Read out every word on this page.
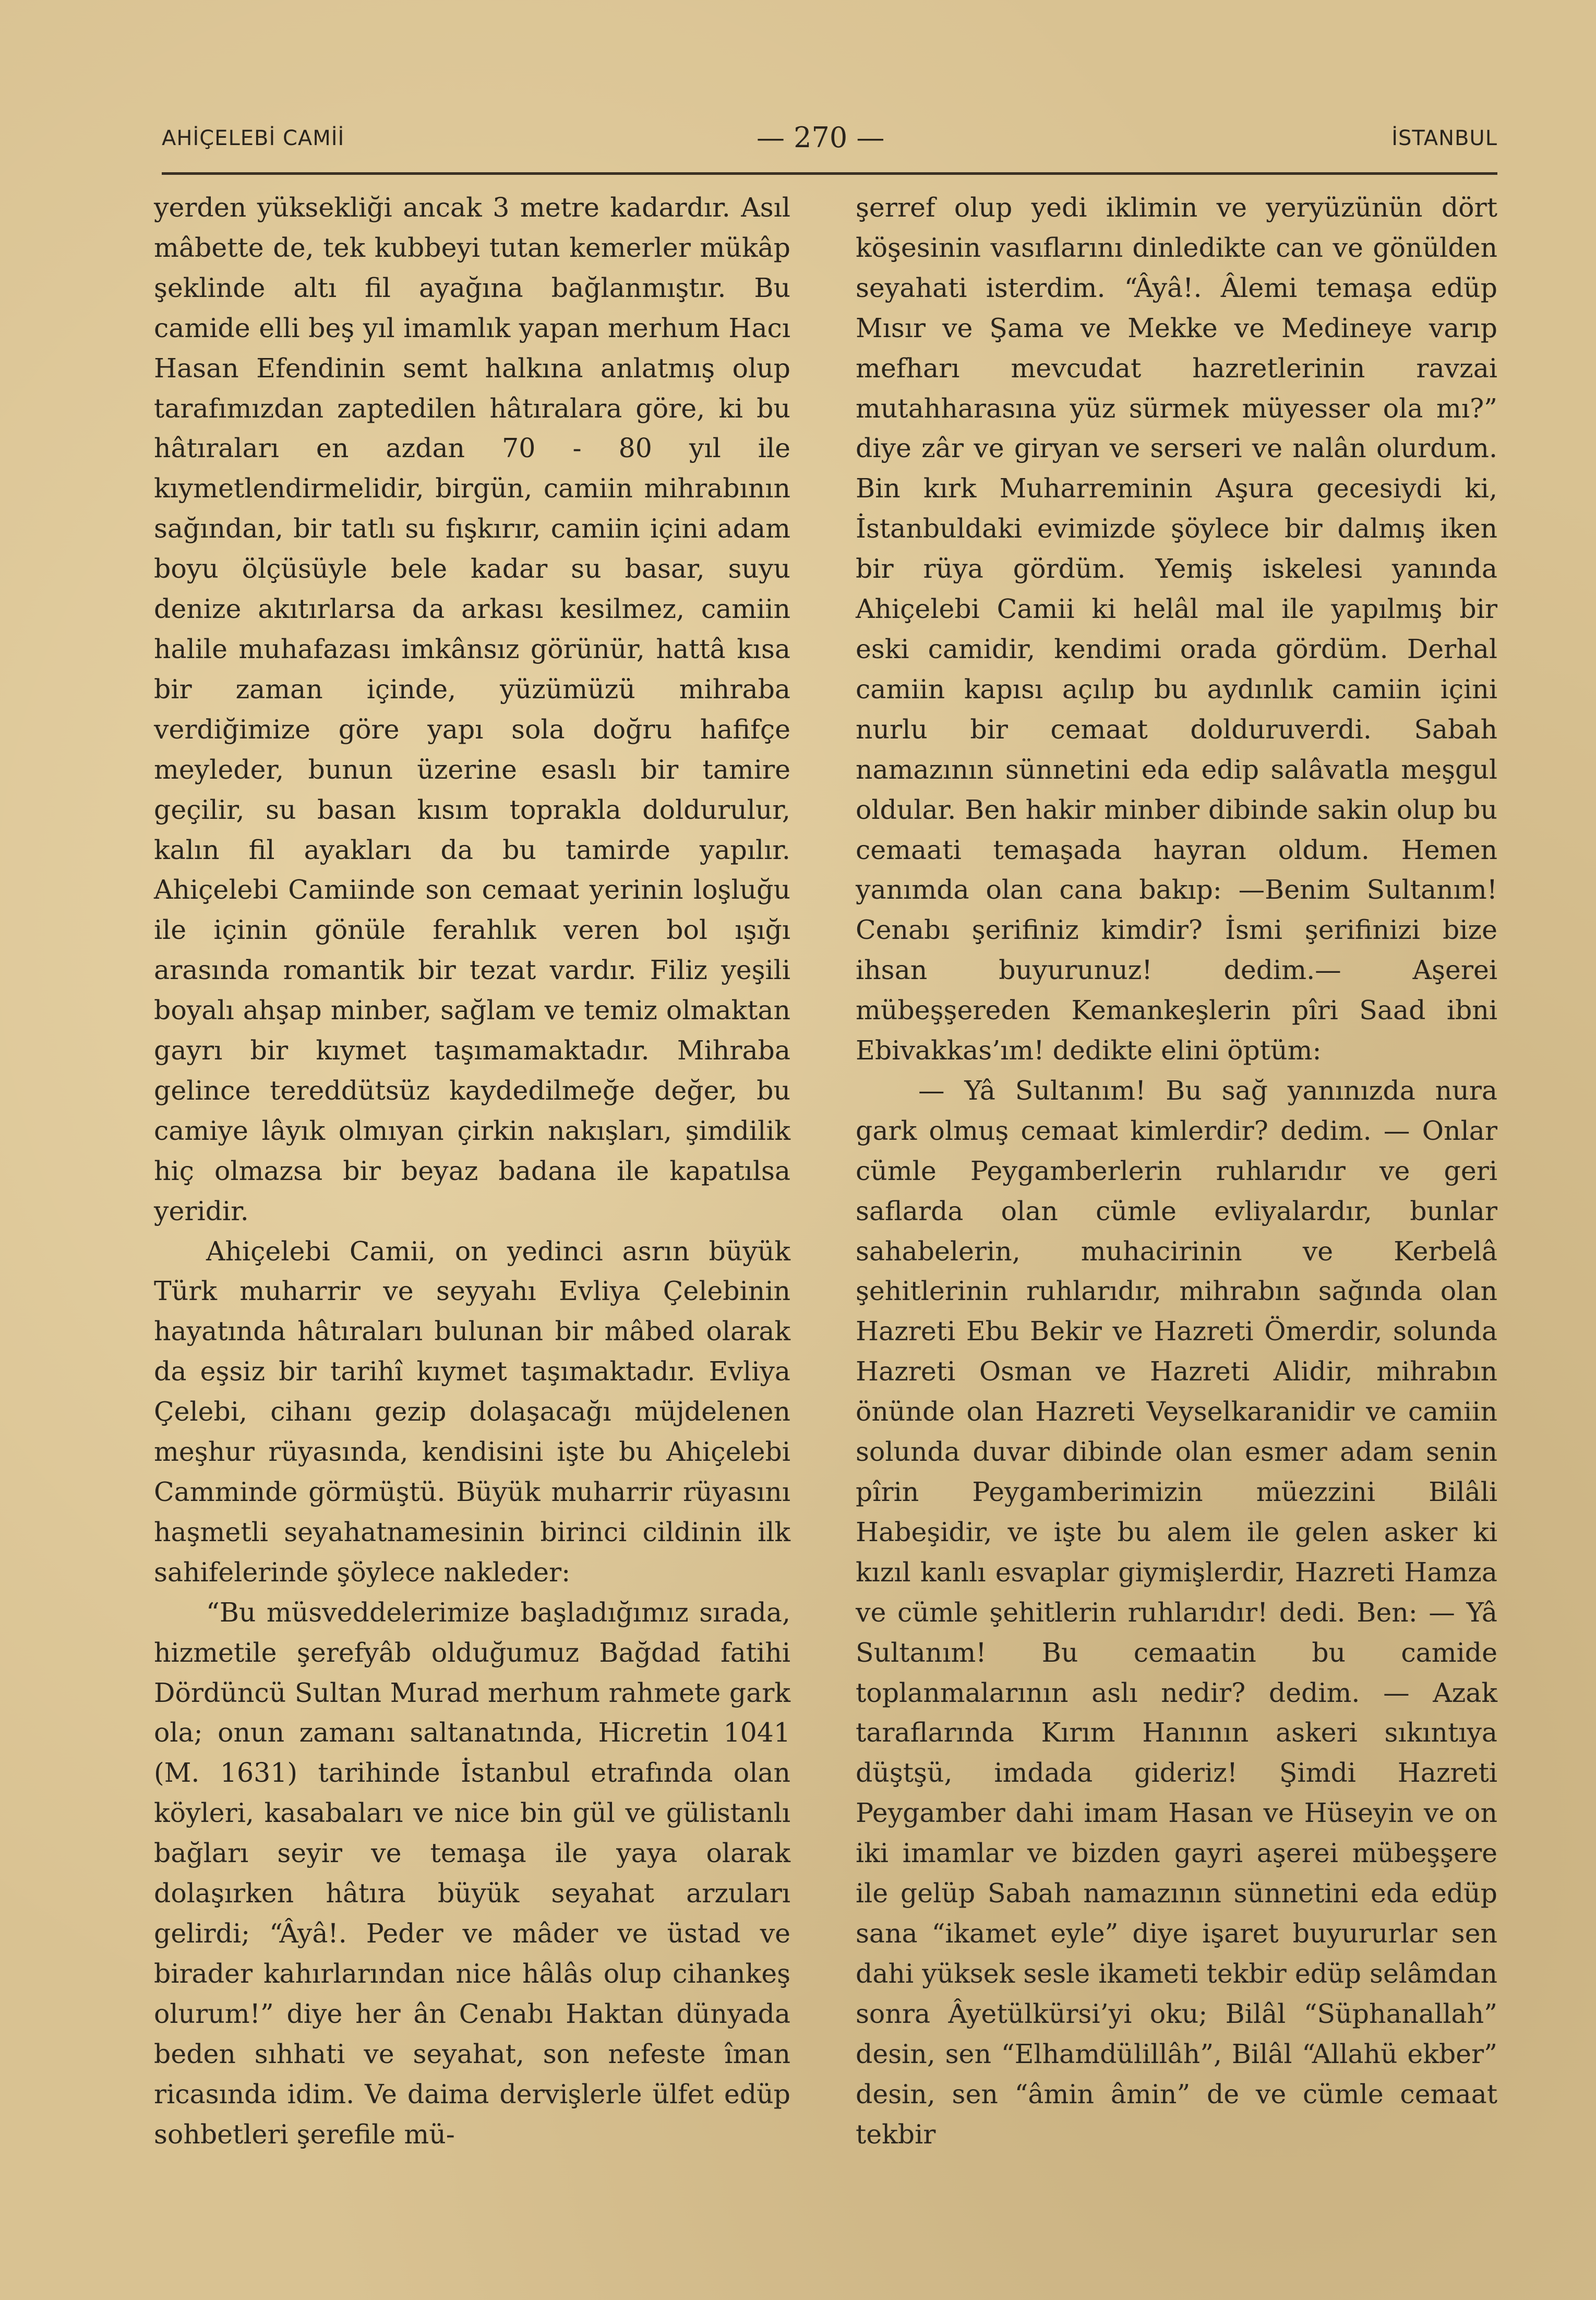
AHİÇELEBİ CAMİİ	— 270 —	İSTANBUL

yerden yüksekliği ancak 3 metre kadardır. Asıl mâbette de, tek kubbeyi tutan kemerler mükâp şeklinde altı fil ayağına bağlanmıştır. Bu camide elli beş yıl imamlık yapan merhum Hacı Hasan Efendinin semt halkına anlatmış olup tarafımızdan zaptedilen hâtıralara göre, ki bu hâtıraları en azdan 70 - 80 yıl ile kıymetlendirmelidir, birgün, camiin mihrabının sağından, bir tatlı su fışkırır, camiin içini adam boyu ölçüsüyle bele kadar su basar, suyu denize akıtırlarsa da arkası kesilmez, camiin halile muhafazası imkânsız görünür, hattâ kısa bir zaman içinde, yüzümüzü mihraba verdiğimize göre yapı sola doğru hafifçe meyleder, bunun üzerine esaslı bir tamire geçilir, su basan kısım toprakla doldurulur, kalın fil ayakları da bu tamirde yapılır. Ahiçelebi Camiinde son cemaat yerinin loşluğu ile içinin gönüle ferahlık veren bol ışığı arasında romantik bir tezat vardır. Filiz yeşili boyalı ahşap minber, sağlam ve temiz olmaktan gayrı bir kıymet taşımamaktadır. Mihraba gelince tereddütsüz kaydedilmeğe değer, bu camiye lâyık olmıyan çirkin nakışları, şimdilik hiç olmazsa bir beyaz badana ile kapatılsa yeridir.

Ahiçelebi Camii, on yedinci asrın büyük Türk muharrir ve seyyahı Evliya Çelebinin hayatında hâtıraları bulunan bir mâbed olarak da eşsiz bir tarihî kıymet taşımaktadır. Evliya Çelebi, cihanı gezip dolaşacağı müjdelenen meşhur rüyasında, kendisini işte bu Ahiçelebi Camminde görmüştü. Büyük muharrir rüyasını haşmetli seyahatnamesinin birinci cildinin ilk sahifelerinde şöylece nakleder:

“Bu müsveddelerimize başladığımız sırada, hizmetile şerefyâb olduğumuz Bağdad fatihi Dördüncü Sultan Murad merhum rahmete gark ola; onun zamanı saltanatında, Hicretin 1041 (M. 1631) tarihinde İstanbul etrafında olan köyleri, kasabaları ve nice bin gül ve gülistanlı bağları seyir ve temaşa ile yaya olarak dolaşırken hâtıra büyük seyahat arzuları gelirdi; “Âyâ!. Peder ve mâder ve üstad ve birader kahırlarından nice hâlâs olup cihankeş olurum!” diye her ân Cenabı Haktan dünyada beden sıhhati ve seyahat, son nefeste îman ricasında idim. Ve daima dervişlerle ülfet edüp sohbetleri şerefile mü-

şerref olup yedi iklimin ve yeryüzünün dört köşesinin vasıflarını dinledikte can ve gönülden seyahati isterdim. “Âyâ!. Âlemi temaşa edüp Mısır ve Şama ve Mekke ve Medineye varıp mefharı mevcudat hazretlerinin ravzai mutahharasına yüz sürmek müyesser ola mı?” diye zâr ve giryan ve serseri ve nalân olurdum. Bin kırk Muharreminin Aşura gecesiydi ki, İstanbuldaki evimizde şöylece bir dalmış iken bir rüya gördüm. Yemiş iskelesi yanında Ahiçelebi Camii ki helâl mal ile yapılmış bir eski camidir, kendimi orada gördüm. Derhal camiin kapısı açılıp bu aydınlık camiin içini nurlu bir cemaat dolduruverdi. Sabah namazının sünnetini eda edip salâvatla meşgul oldular. Ben hakir minber dibinde sakin olup bu cemaati temaşada hayran oldum. Hemen yanımda olan cana bakıp: —Benim Sultanım! Cenabı şerifiniz kimdir? İsmi şerifinizi bize ihsan buyurunuz! dedim.— Aşerei mübeşşereden Kemankeşlerin pîri Saad ibni Ebivakkas’ım! dedikte elini öptüm:

— Yâ Sultanım! Bu sağ yanınızda nura gark olmuş cemaat kimlerdir? dedim. — Onlar cümle Peygamberlerin ruhlarıdır ve geri saflarda olan cümle evliyalardır, bunlar sahabelerin, muhacirinin ve Kerbelâ şehitlerinin ruhlarıdır, mihrabın sağında olan Hazreti Ebu Bekir ve Hazreti Ömerdir, solunda Hazreti Osman ve Hazreti Alidir, mihrabın önünde olan Hazreti Veyselkaranidir ve camiin solunda duvar dibinde olan esmer adam senin pîrin Peygamberimizin müezzini Bilâli Habeşidir, ve işte bu alem ile gelen asker ki kızıl kanlı esvaplar giymişlerdir, Hazreti Hamza ve cümle şehitlerin ruhlarıdır! dedi. Ben: — Yâ Sultanım! Bu cemaatin bu camide toplanmalarının aslı nedir? dedim. — Azak taraflarında Kırım Hanının askeri sıkıntıya düştşü, imdada gideriz! Şimdi Hazreti Peygamber dahi imam Hasan ve Hüseyin ve on iki imamlar ve bizden gayri aşerei mübeşşere ile gelüp Sabah namazının sünnetini eda edüp sana “ikamet eyle” diye işaret buyururlar sen dahi yüksek sesle ikameti tekbir edüp selâmdan sonra Âyetülkürsi’yi oku; Bilâl “Süphanallah” desin, sen “Elhamdülillâh”, Bilâl “Allahü ekber” desin, sen “âmin âmin” de ve cümle cemaat tekbir
